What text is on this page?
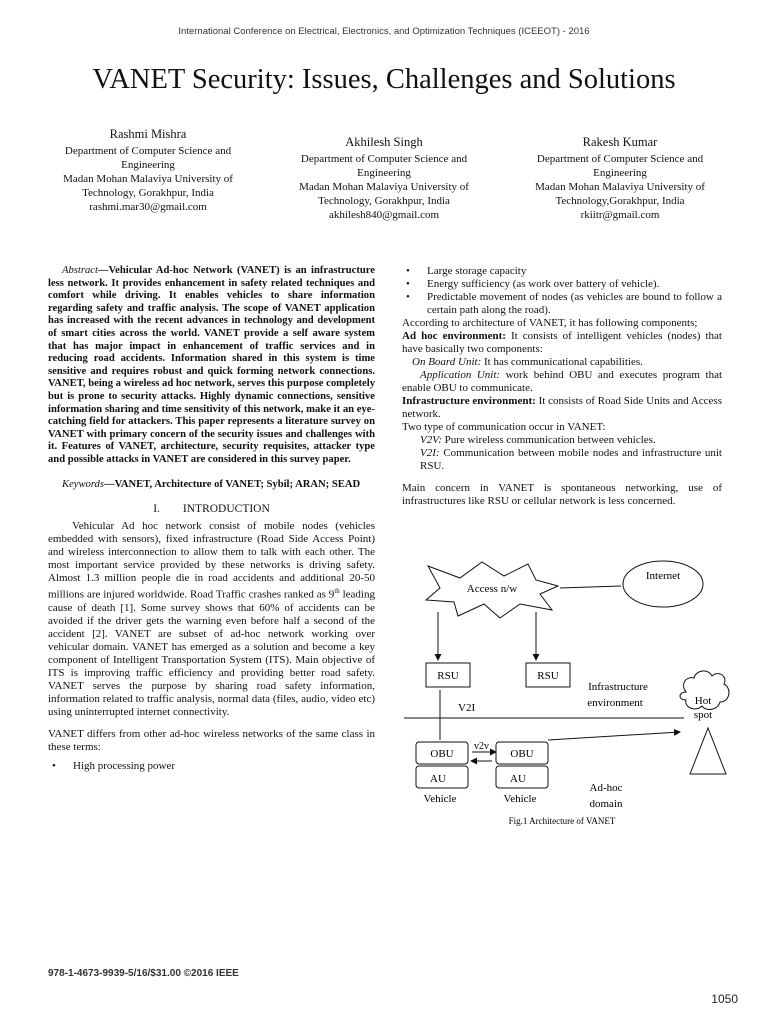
International Conference on Electrical, Electronics, and Optimization Techniques (ICEEOT) - 2016
VANET Security: Issues, Challenges and Solutions
Rashmi Mishra
Department of Computer Science and Engineering
Madan Mohan Malaviya University of Technology, Gorakhpur, India
rashmi.mar30@gmail.com
Akhilesh Singh
Department of Computer Science and Engineering
Madan Mohan Malaviya University of Technology, Gorakhpur, India
akhilesh840@gmail.com
Rakesh Kumar
Department of Computer Science and Engineering
Madan Mohan Malaviya University of Technology,Gorakhpur, India
rkiitr@gmail.com
Abstract—Vehicular Ad-hoc Network (VANET) is an infrastructure less network. It provides enhancement in safety related techniques and comfort while driving. It enables vehicles to share information regarding safety and traffic analysis. The scope of VANET application has increased with the recent advances in technology and development of smart cities across the world. VANET provide a self aware system that has major impact in enhancement of traffic services and in reducing road accidents. Information shared in this system is time sensitive and requires robust and quick forming network connections. VANET, being a wireless ad hoc network, serves this purpose completely but is prone to security attacks. Highly dynamic connections, sensitive information sharing and time sensitivity of this network, make it an eye-catching field for attackers. This paper represents a literature survey on VANET with primary concern of the security issues and challenges with it. Features of VANET, architecture, security requisites, attacker type and possible attacks in VANET are considered in this survey paper.
Keywords—VANET, Architecture of VANET; Sybil; ARAN; SEAD
I.        INTRODUCTION
Vehicular Ad hoc network consist of mobile nodes (vehicles embedded with sensors), fixed infrastructure (Road Side Access Point) and wireless interconnection to allow them to talk with each other. The most important service provided by these networks is driving safety. Almost 1.3 million people die in road accidents and additional 20-50 millions are injured worldwide. Road Traffic crashes ranked as 9th leading cause of death [1]. Some survey shows that 60% of accidents can be avoided if the driver gets the warning even before half a second of the accident [2]. VANET are subset of ad-hoc network working over vehicular domain. VANET has emerged as a solution and become a key component of Intelligent Transportation System (ITS). Main objective of ITS is improving traffic efficiency and providing better road safety. VANET serves the purpose by sharing road safety information, information related to traffic analysis, normal data (files, audio, video etc) using uninterrupted internet connectivity.
VANET differs from other ad-hoc wireless networks of the same class in these terms:
• High processing power
• Large storage capacity
• Energy sufficiency (as work over battery of vehicle).
• Predictable movement of nodes (as vehicles are bound to follow a certain path along the road).
According to architecture of VANET, it has following components;
Ad hoc environment: It consists of intelligent vehicles (nodes) that have basically two components:
On Board Unit: It has communicational capabilities.
Application Unit: work behind OBU and executes program that enable OBU to communicate.
Infrastructure environment: It consists of Road Side Units and Access network.
Two type of communication occur in VANET:
V2V: Pure wireless communication between vehicles.
V2I: Communication between mobile nodes and infrastructure unit RSU.
Main concern in VANET is spontaneous networking, use of infrastructures like RSU or cellular network is less concerned.
Access n/w
Internet
RSU	RSU
Infrastructure
environment	Hot
spot
V2I
OBU
AU
Vehicle
v2v
OBU
AU
Vehicle
Ad-hoc
domain
Fig.1 Architecture of VANET
978-1-4673-9939-5/16/$31.00 ©2016 IEEE
1050
